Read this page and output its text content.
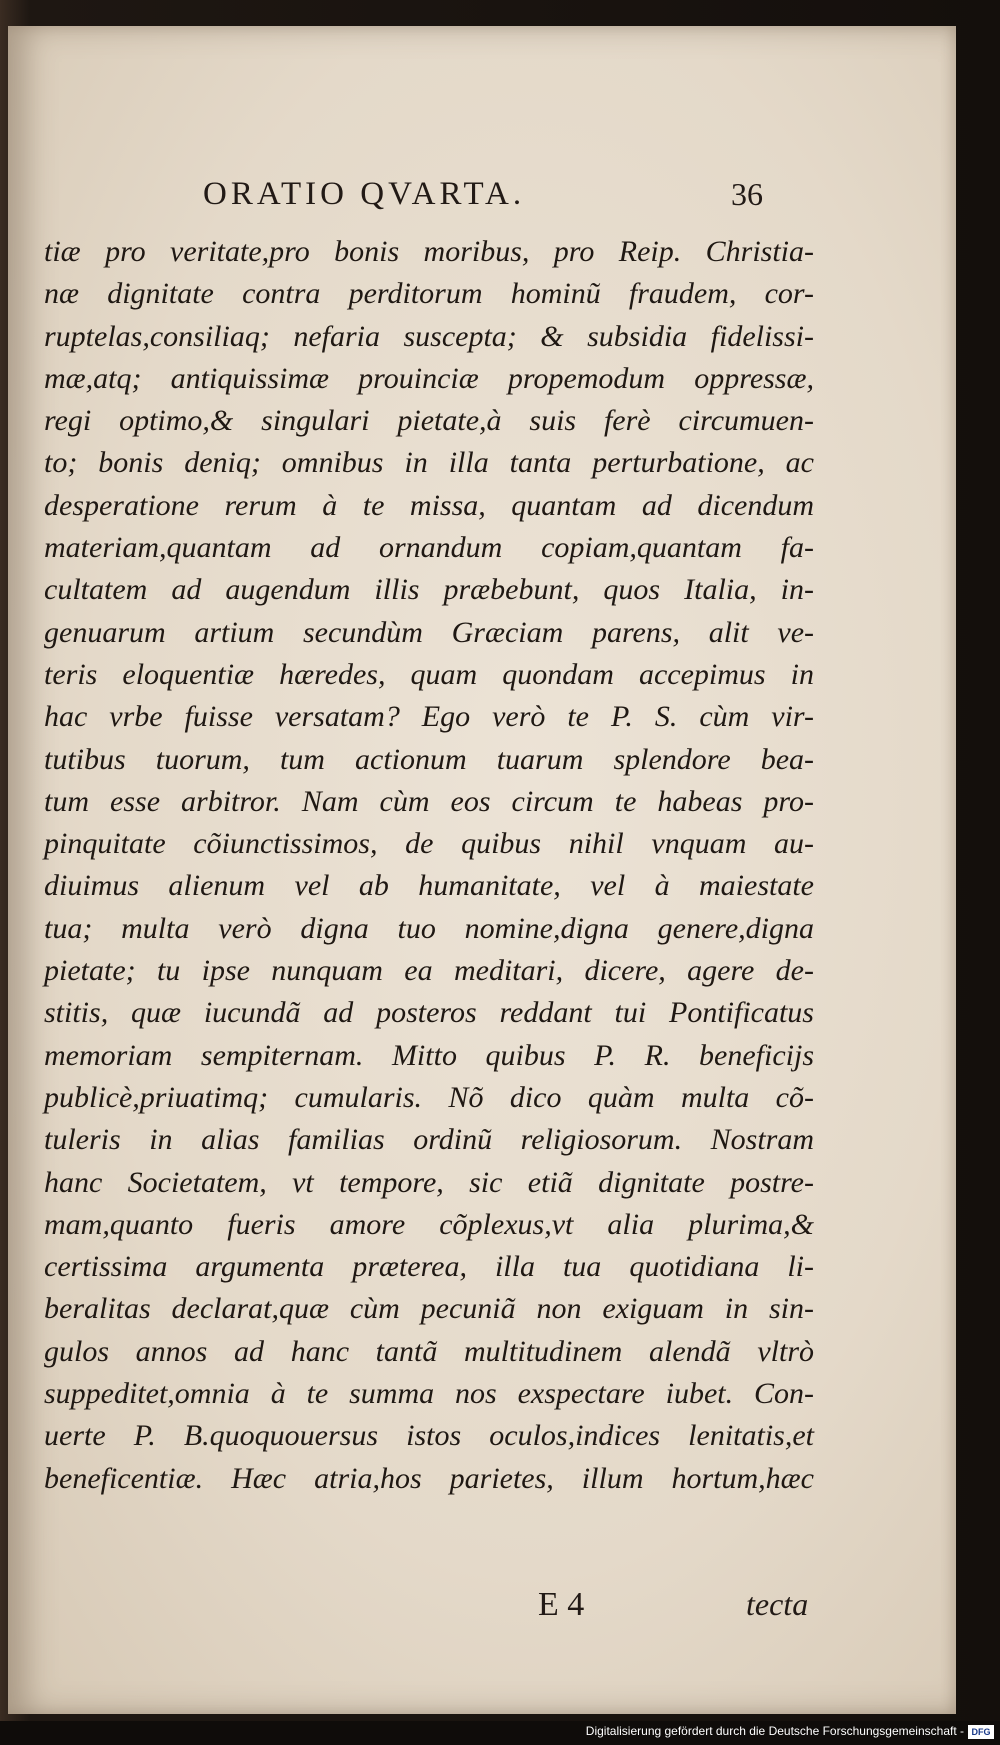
ORATIO QVARTA.	36
tiæ pro veritate,pro bonis moribus, pro Reip. Christia-
næ dignitate contra perditorum hominũ fraudem, cor-
ruptelas,consiliaq; nefaria suscepta; & subsidia fidelissi-
mæ,atq; antiquissimæ prouinciæ propemodum oppressæ,
regi optimo,& singulari pietate,à suis ferè circumuen-
to; bonis deniq; omnibus in illa tanta perturbatione, ac
desperatione rerum à te missa, quantam ad dicendum
materiam,quantam ad ornandum copiam,quantam fa-
cultatem ad augendum illis præbebunt, quos Italia, in-
genuarum artium secundùm Græciam parens, alit ve-
teris eloquentiæ hæredes, quam quondam accepimus in
hac vrbe fuisse versatam? Ego verò te P. S. cùm vir-
tutibus tuorum, tum actionum tuarum splendore bea-
tum esse arbitror. Nam cùm eos circum te habeas pro-
pinquitate cõiunctissimos, de quibus nihil vnquam au-
diuimus alienum vel ab humanitate, vel à maiestate
tua; multa verò digna tuo nomine,digna genere,digna
pietate; tu ipse nunquam ea meditari, dicere, agere de-
stitis, quæ iucundã ad posteros reddant tui Pontificatus
memoriam sempiternam. Mitto quibus P. R. beneficijs
publicè,priuatimq; cumularis. Nõ dico quàm multa cõ-
tuleris in alias familias ordinũ religiosorum. Nostram
hanc Societatem, vt tempore, sic etiã dignitate postre-
mam,quanto fueris amore cõplexus,vt alia plurima,&
certissima argumenta præterea, illa tua quotidiana li-
beralitas declarat,quæ cùm pecuniã non exiguam in sin-
gulos annos ad hanc tantã multitudinem alendã vltrò
suppeditet,omnia à te summa nos exspectare iubet. Con-
uerte P. B.quoquouersus istos oculos,indices lenitatis,et
beneficentiæ. Hæc atria,hos parietes, illum hortum,hæc
E 4	tecta
Digitalisierung gefördert durch die Deutsche Forschungsgemeinschaft - DFG
